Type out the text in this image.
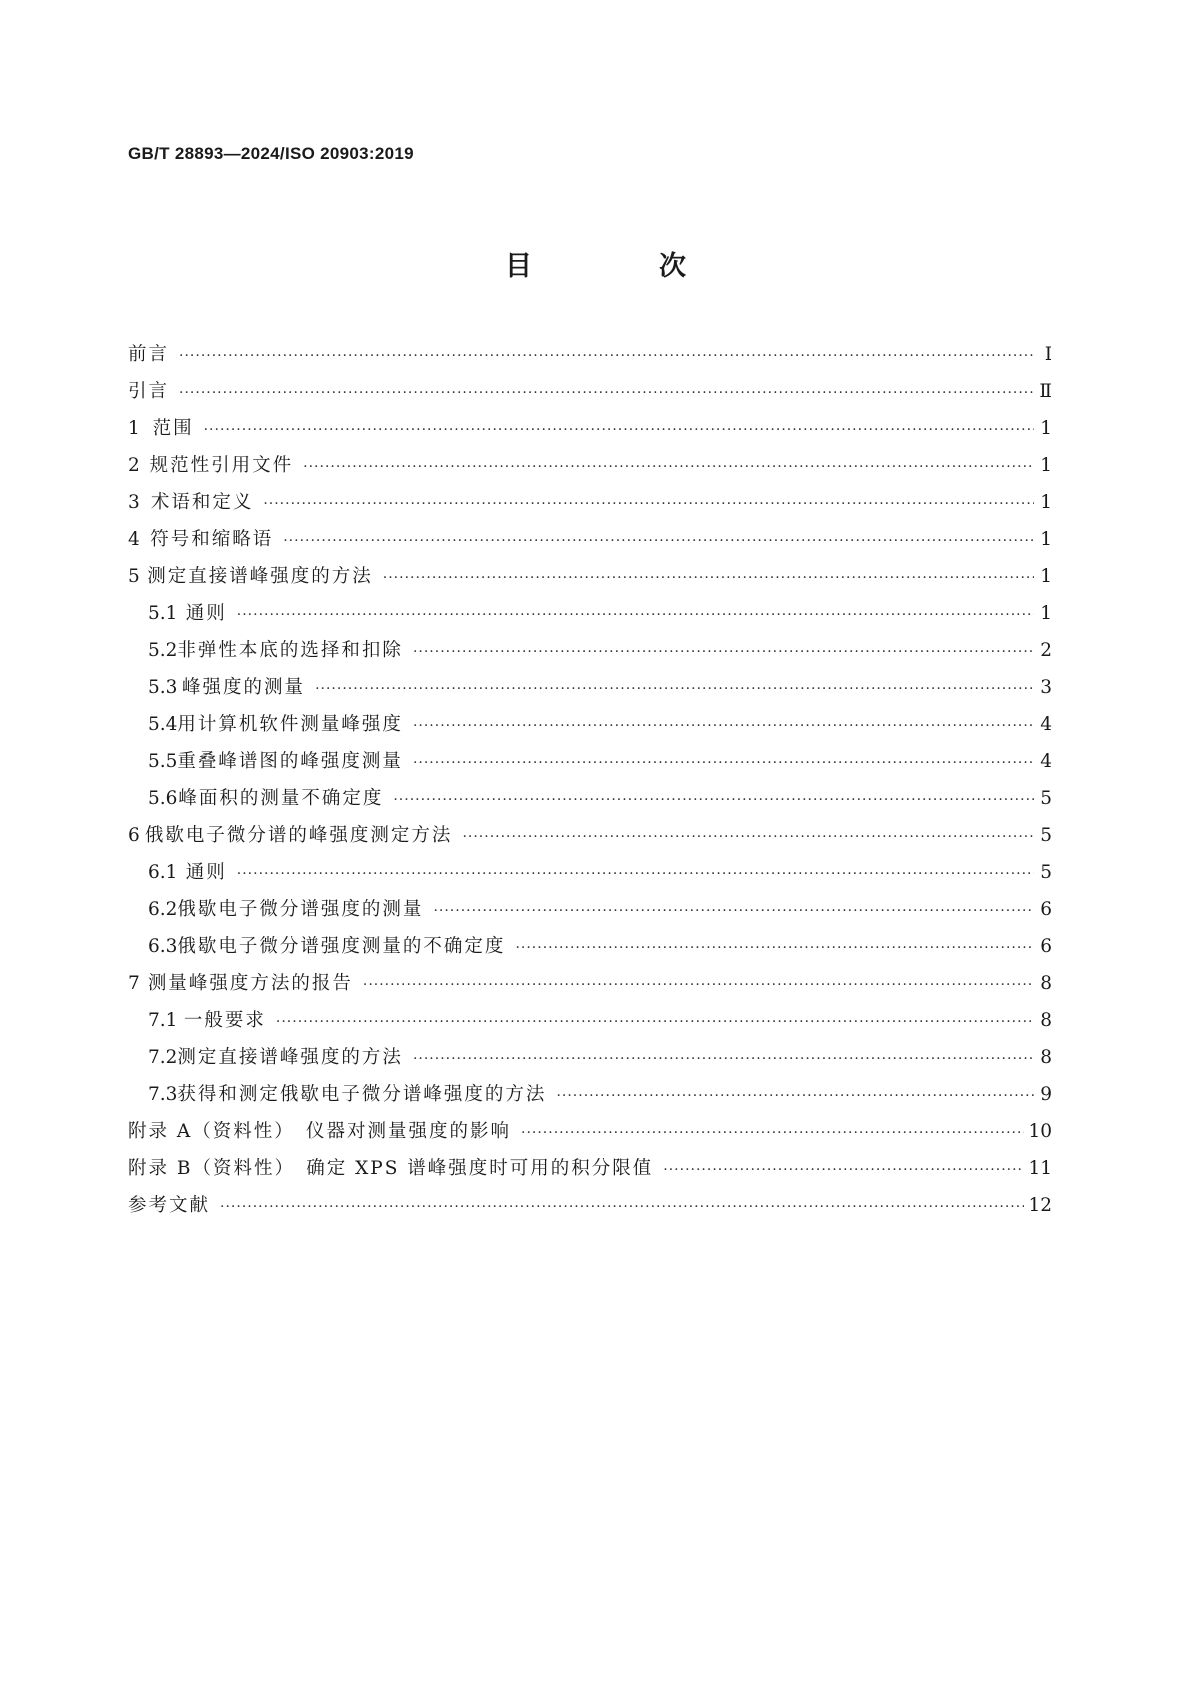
GB/T 28893—2024/ISO 20903:2019

目　次
前言 ·····	Ⅰ
引言 ·····	Ⅱ
1 范围 ·····	1
2 规范性引用文件 ·····	1
3 术语和定义 ·····	1
4 符号和缩略语 ·····	1
5 测定直接谱峰强度的方法 ·····	1
5.1 通则 ·····	1
5.2 非弹性本底的选择和扣除 ·····	2
5.3 峰强度的测量 ·····	3
5.4 用计算机软件测量峰强度 ·····	4
5.5 重叠峰谱图的峰强度测量 ·····	4
5.6 峰面积的测量不确定度 ·····	5
6 俄歇电子微分谱的峰强度测定方法 ·····	5
6.1 通则 ·····	5
6.2 俄歇电子微分谱强度的测量 ·····	6
6.3 俄歇电子微分谱强度测量的不确定度 ·····	6
7 测量峰强度方法的报告 ·····	8
7.1 一般要求 ·····	8
7.2 测定直接谱峰强度的方法 ·····	8
7.3 获得和测定俄歇电子微分谱峰强度的方法 ·····	9
附录 A（资料性）　仪器对测量强度的影响 ·····	10
附录 B（资料性）　确定 XPS 谱峰强度时可用的积分限值 ·····	11
参考文献 ·····	12
